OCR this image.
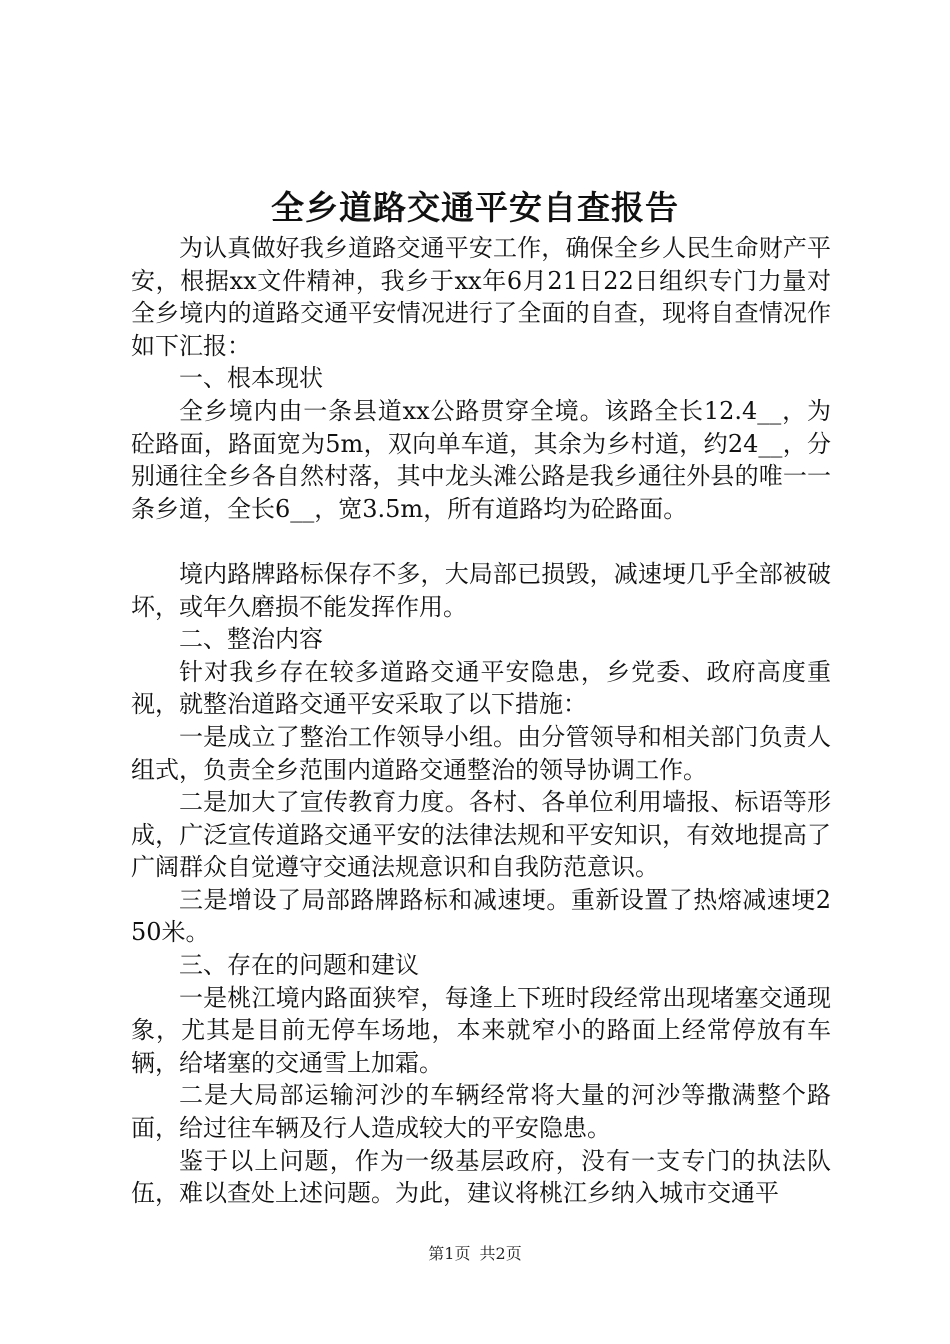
全乡道路交通平安自查报告

为认真做好我乡道路交通平安工作，确保全乡人民生命财产平安，根据xx文件精神，我乡于xx年6月21日22日组织专门力量对全乡境内的道路交通平安情况进行了全面的自查，现将自查情况作如下汇报：

一、根本现状

全乡境内由一条县道xx公路贯穿全境。该路全长12.4__，为砼路面，路面宽为5m，双向单车道，其余为乡村道，约24__，分别通往全乡各自然村落，其中龙头滩公路是我乡通往外县的唯一一条乡道，全长6__，宽3.5m，所有道路均为砼路面。

境内路牌路标保存不多，大局部已损毁，减速埂几乎全部被破坏，或年久磨损不能发挥作用。

二、整治内容

针对我乡存在较多道路交通平安隐患，乡党委、政府高度重视，就整治道路交通平安采取了以下措施：

一是成立了整治工作领导小组。由分管领导和相关部门负责人组式，负责全乡范围内道路交通整治的领导协调工作。

二是加大了宣传教育力度。各村、各单位利用墙报、标语等形成，广泛宣传道路交通平安的法律法规和平安知识，有效地提高了广阔群众自觉遵守交通法规意识和自我防范意识。

三是增设了局部路牌路标和减速埂。重新设置了热熔减速埂250米。

三、存在的问题和建议

一是桃江境内路面狭窄，每逢上下班时段经常出现堵塞交通现象，尤其是目前无停车场地，本来就窄小的路面上经常停放有车辆，给堵塞的交通雪上加霜。

二是大局部运输河沙的车辆经常将大量的河沙等撒满整个路面，给过往车辆及行人造成较大的平安隐患。

鉴于以上问题，作为一级基层政府，没有一支专门的执法队伍，难以查处上述问题。为此，建议将桃江乡纳入城市交通平

第1页 共2页
